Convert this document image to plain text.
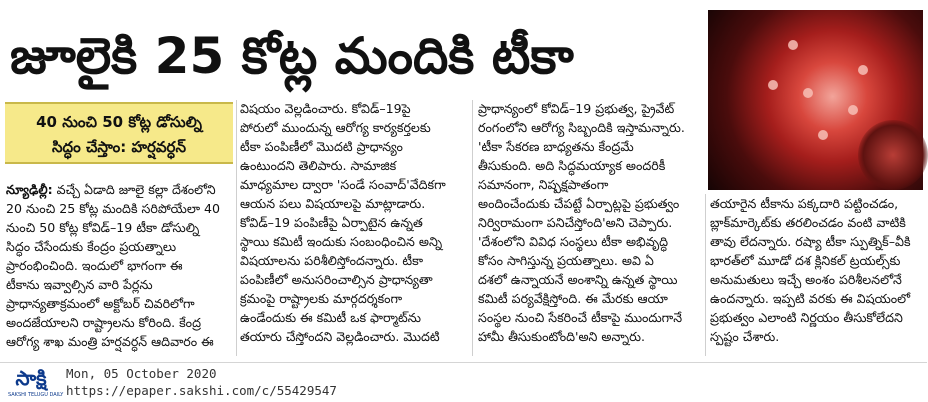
జూలైకి 25 కోట్ల మందికి టీకా
40 నుంచి 50 కోట్ల డోసుల్ని
సిద్ధం చేస్తాం: హర్షవర్ధన్
న్యూఢిల్లీ: వచ్చే ఏడాది జూలై కల్లా దేశంలోని
20 నుంచి 25 కోట్ల మందికి సరిపోయేలా 40
నుంచి 50 కోట్ల కోవిడ్–19 టీకా డోసుల్ని
సిద్ధం చేసేందుకు కేంద్రం ప్రయత్నాలు
ప్రారంభించింది. ఇందులో భాగంగా ఈ
టీకాను ఇవ్వాల్సిన వారి పేర్లను
ప్రాధాన్యతాక్రమంలో అక్టోబర్ చివరిలోగా
అందజేయాలని రాష్ట్రాలను కోరింది. కేంద్ర
ఆరోగ్య శాఖ మంత్రి హర్షవర్ధన్ ఆదివారం ఈ
విషయం వెల్లడించారు. కోవిడ్–19పై
పోరులో ముందున్న ఆరోగ్య కార్యకర్తలకు
టీకా పంపిణీలో మొదటి ప్రాధాన్యం
ఉంటుందని తెలిపారు. సామాజిక
మాధ్యమాల ద్వారా 'సండే సంవాద్'వేదికగా
ఆయన పలు విషయాలపై మాట్లాడారు.
కోవిడ్–19 పంపిణీపై ఏర్పాటైన ఉన్నత
స్థాయి కమిటీ ఇందుకు సంబంధించిన అన్ని
విషయాలను పరిశీలిస్తోందన్నారు. టీకా
పంపిణీలో అనుసరించాల్సిన ప్రాధాన్యతా
క్రమంపై రాష్ట్రాలకు మార్గదర్శకంగా
ఉండేందుకు ఈ కమిటీ ఒక ఫార్మాట్‌ను
తయారు చేస్తోందని వెల్లడించారు. మొదటి
ప్రాధాన్యంలో కోవిడ్–19 ప్రభుత్వ, ప్రైవేట్
రంగంలోని ఆరోగ్య సిబ్బందికి ఇస్తామన్నారు.
'టీకా సేకరణ బాధ్యతను కేంద్రమే
తీసుకుంది. అది సిద్ధమయ్యాక అందరికీ
సమానంగా, నిష్పక్షపాతంగా
అందించేందుకు చేపట్టే ఏర్పాట్లపై ప్రభుత్వం
నిర్విరామంగా పనిచేస్తోంది'అని చెప్పారు.
'దేశంలోని వివిధ సంస్థలు టీకా అభివృద్ధి
కోసం సాగిస్తున్న ప్రయత్నాలు. అవి ఏ
దశలో ఉన్నాయనే అంశాన్ని ఉన్నత స్థాయి
కమిటీ పర్యవేక్షిస్తోంది. ఈ మేరకు ఆయా
సంస్థల నుంచి సేకరించే టీకాపై ముందుగానే
హామీ తీసుకుంటోంది'అని అన్నారు.
తయారైన టీకాను పక్కదారి పట్టించడం,
బ్లాక్‌మార్కెట్‌కు తరలించడం వంటి వాటికి
తావు లేదన్నారు. రష్యా టీకా స్పుత్నిక్–వీకి
భారత్‌లో మూడో దశ క్లినికల్ ట్రయల్స్‌కు
అనుమతులు ఇచ్చే అంశం పరిశీలనలోనే
ఉందన్నారు. ఇప్పటి వరకు ఈ విషయంలో
ప్రభుత్వం ఎలాంటి నిర్ణయం తీసుకోలేదని
స్పష్టం చేశారు.
సాక్షి
SAKSHI TELUGU DAILY
Mon, 05 October 2020
https://epaper.sakshi.com/c/55429547
